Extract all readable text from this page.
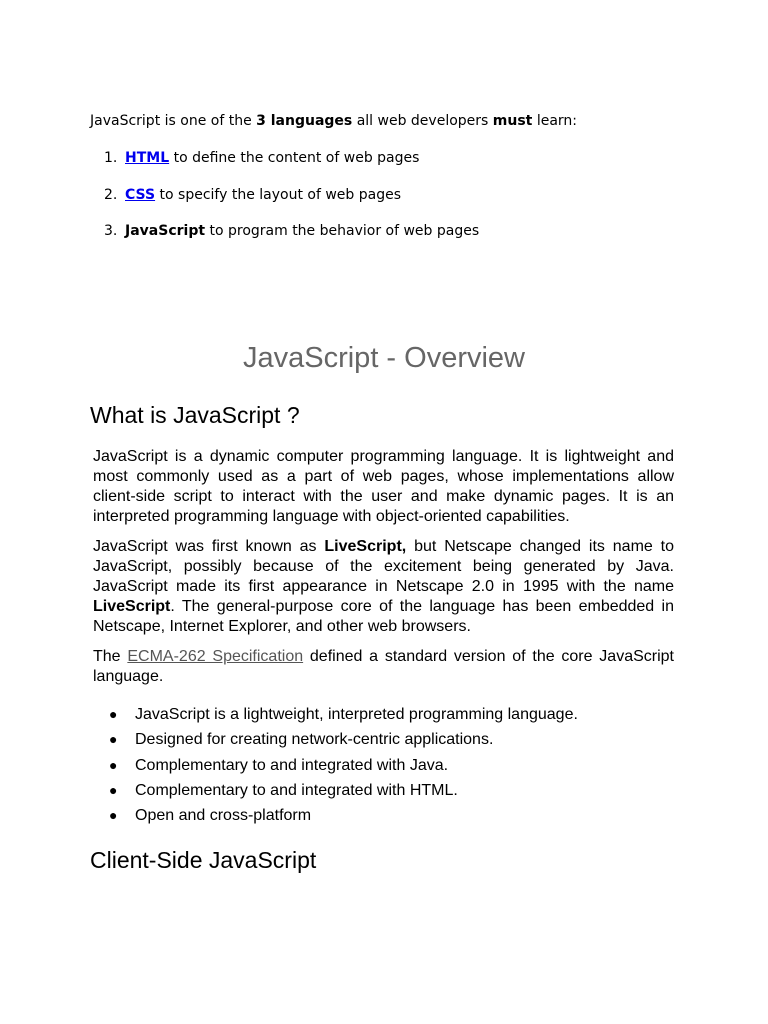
JavaScript is one of the 3 languages all web developers must learn:

1. HTML to define the content of web pages
2. CSS to specify the layout of web pages
3. JavaScript to program the behavior of web pages
JavaScript - Overview
What is JavaScript ?

JavaScript is a dynamic computer programming language. It is lightweight and most commonly used as a part of web pages, whose implementations allow client-side script to interact with the user and make dynamic pages. It is an interpreted programming language with object-oriented capabilities.

JavaScript was first known as LiveScript, but Netscape changed its name to JavaScript, possibly because of the excitement being generated by Java. JavaScript made its first appearance in Netscape 2.0 in 1995 with the name LiveScript. The general-purpose core of the language has been embedded in Netscape, Internet Explorer, and other web browsers.

The ECMA-262 Specification defined a standard version of the core JavaScript language.

● JavaScript is a lightweight, interpreted programming language.
● Designed for creating network-centric applications.
● Complementary to and integrated with Java.
● Complementary to and integrated with HTML.
● Open and cross-platform
Client-Side JavaScript
